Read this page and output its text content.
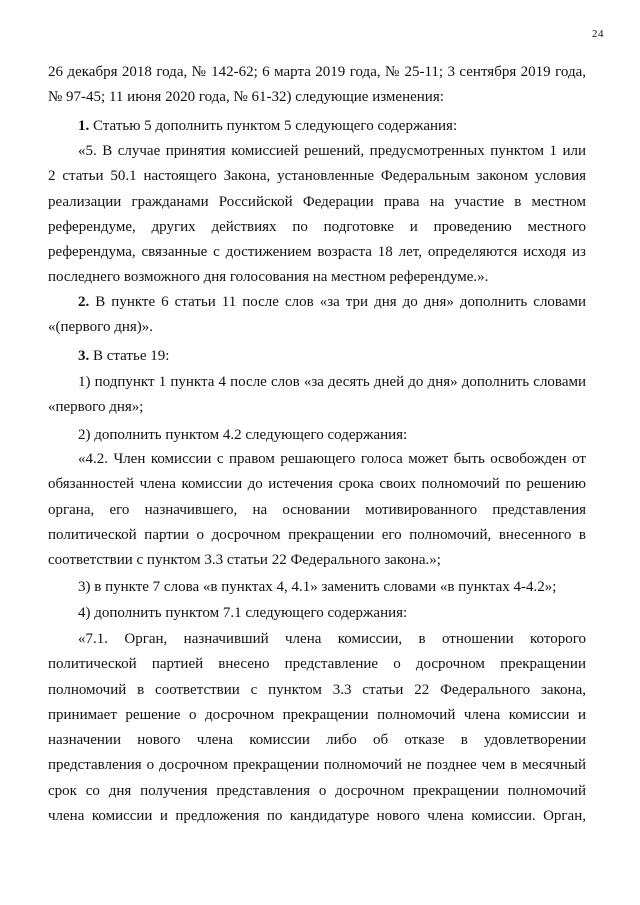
24
26 декабря 2018 года, № 142-62; 6 марта 2019 года, № 25-11; 3 сентября 2019 года,
№ 97-45; 11 июня 2020 года, № 61-32) следующие изменения:
1. Статью 5 дополнить пунктом 5 следующего содержания:
«5. В случае принятия комиссией решений, предусмотренных пунктом 1 или
2 статьи 50.1 настоящего Закона, установленные Федеральным законом условия
реализации гражданами Российской Федерации права на участие в местном
референдуме, других действиях по подготовке и проведению местного
референдума, связанные с достижением возраста 18 лет, определяются исходя из
последнего возможного дня голосования на местном референдуме.».
2. В пункте 6 статьи 11 после слов «за три дня до дня» дополнить словами
«(первого дня)».
3. В статье 19:
1) подпункт 1 пункта 4 после слов «за десять дней до дня» дополнить словами
«первого дня»;
2) дополнить пунктом 4.2 следующего содержания:
«4.2. Член комиссии с правом решающего голоса может быть освобожден от
обязанностей члена комиссии до истечения срока своих полномочий по решению
органа, его назначившего, на основании мотивированного представления
политической партии о досрочном прекращении его полномочий, внесенного в
соответствии с пунктом 3.3 статьи 22 Федерального закона.»;
3) в пункте 7 слова «в пунктах 4, 4.1» заменить словами «в пунктах 4-4.2»;
4) дополнить пунктом 7.1 следующего содержания:
«7.1. Орган, назначивший члена комиссии, в отношении которого
политической партией внесено представление о досрочном прекращении
полномочий в соответствии с пунктом 3.3 статьи 22 Федерального закона,
принимает решение о досрочном прекращении полномочий члена комиссии и
назначении нового члена комиссии либо об отказе в удовлетворении
представления о досрочном прекращении полномочий не позднее чем в месячный
срок со дня получения представления о досрочном прекращении полномочий
члена комиссии и предложения по кандидатуре нового члена комиссии. Орган,
